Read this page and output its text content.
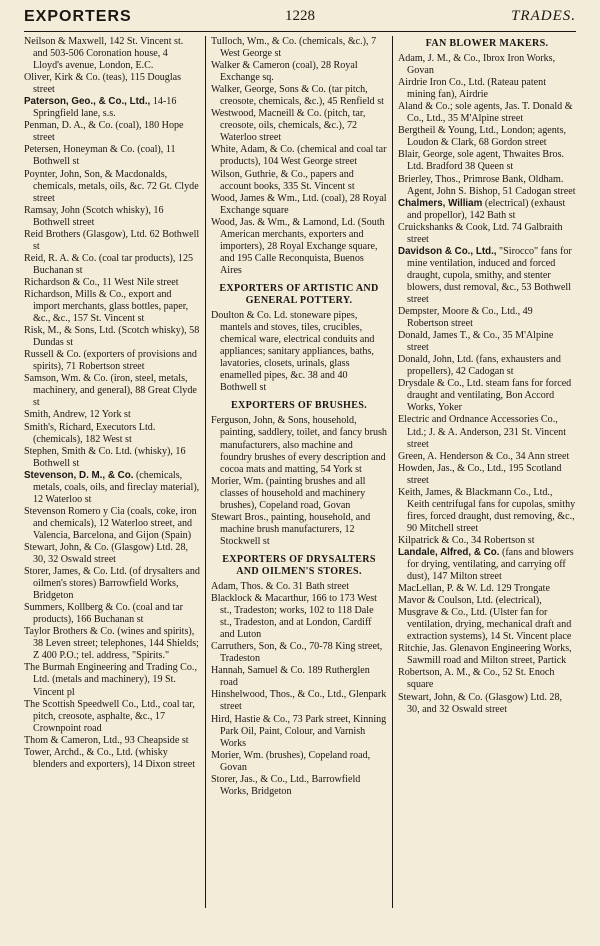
EXPORTERS	1228	TRADES.

Neilson & Maxwell, 142 St. Vincent st. and 503-506 Coronation house, 4 Lloyd's avenue, London, E.C.

Oliver, Kirk & Co. (teas), 115 Douglas street

Paterson, Geo., & Co., Ltd., 14-16 Springfield lane, s.s.

Penman, D. A., & Co. (coal), 180 Hope street

Petersen, Honeyman & Co. (coal), 11 Bothwell st

Poynter, John, Son, & Macdonalds, chemicals, metals, oils, &c. 72 Gt. Clyde street

Ramsay, John (Scotch whisky), 16 Bothwell street

Reid Brothers (Glasgow), Ltd. 62 Bothwell st

Reid, R. A. & Co. (coal tar products), 125 Buchanan st

Richardson & Co., 11 West Nile street

Richardson, Mills & Co., export and import merchants, glass bottles, paper, &c., &c., 157 St. Vincent st

Risk, M., & Sons, Ltd. (Scotch whisky), 58 Dundas st

Russell & Co. (exporters of provisions and spirits), 71 Robertson street

Samson, Wm. & Co. (iron, steel, metals, machinery, and general), 88 Great Clyde st

Smith, Andrew, 12 York st

Smith's, Richard, Executors Ltd. (chemicals), 182 West st

Stephen, Smith & Co. Ltd. (whisky), 16 Bothwell st

Stevenson, D. M., & Co. (chemicals, metals, coals, oils, and fireclay material), 12 Waterloo st

Stevenson Romero y Cia (coals, coke, iron and chemicals), 12 Waterloo street, and Valencia, Barcelona, and Gijon (Spain)

Stewart, John, & Co. (Glasgow) Ltd. 28, 30, 32 Oswald street

Storer, James, & Co. Ltd. (of drysalters and oilmen's stores) Barrowfield Works, Bridgeton

Summers, Kollberg & Co. (coal and tar products), 166 Buchanan st

Taylor Brothers & Co. (wines and spirits), 38 Leven street; telephones, 144 Shields; Z 400 P.O.; tel. address, "Spirits."

The Burmah Engineering and Trading Co., Ltd. (metals and machinery), 19 St. Vincent pl

The Scottish Speedwell Co., Ltd., coal tar, pitch, creosote, asphalte, &c., 17 Crownpoint road

Thom & Cameron, Ltd., 93 Cheapside st

Tower, Archd., & Co., Ltd. (whisky blenders and exporters), 14 Dixon street

Tulloch, Wm., & Co. (chemicals, &c.), 7 West George st

Walker & Cameron (coal), 28 Royal Exchange sq.

Walker, George, Sons & Co. (tar pitch, creosote, chemicals, &c.), 45 Renfield st

Westwood, Macneill & Co. (pitch, tar, creosote, oils, chemicals, &c.), 72 Waterloo street

White, Adam, & Co. (chemical and coal tar products), 104 West George street

Wilson, Guthrie, & Co., papers and account books, 335 St. Vincent st

Wood, James & Wm., Ltd. (coal), 28 Royal Exchange square

Wood, Jas. & Wm., & Lamond, Ld. (South American merchants, exporters and importers), 28 Royal Exchange square, and 195 Calle Reconquista, Buenos Aires

EXPORTERS OF ARTISTIC AND GENERAL POTTERY.

Doulton & Co. Ld. stoneware pipes, mantels and stoves, tiles, crucibles, chemical ware, electrical conduits and appliances; sanitary appliances, baths, lavatories, closets, urinals, glass enamelled pipes, &c. 38 and 40 Bothwell st

EXPORTERS OF BRUSHES.

Ferguson, John, & Sons, household, painting, saddlery, toilet, and fancy brush manufacturers, also machine and foundry brushes of every description and cocoa mats and matting, 54 York st

Morier, Wm. (painting brushes and all classes of household and machinery brushes), Copeland road, Govan

Stewart Bros., painting, household, and machine brush manufacturers, 12 Stockwell st

EXPORTERS OF DRYSALTERS AND OILMEN'S STORES.

Adam, Thos. & Co. 31 Bath street

Blacklock & Macarthur, 166 to 173 West st., Tradeston; works, 102 to 118 Dale st., Tradeston, and at London, Cardiff and Luton

Carruthers, Son, & Co., 70-78 King street, Tradeston

Hannah, Samuel & Co. 189 Rutherglen road

Hinshelwood, Thos., & Co., Ltd., Glenpark street

Hird, Hastie & Co., 73 Park street, Kinning Park Oil, Paint, Colour, and Varnish Works

Morier, Wm. (brushes), Copeland road, Govan

Storer, Jas., & Co., Ltd., Barrowfield Works, Bridgeton

FAN BLOWER MAKERS.

Adam, J. M., & Co., Ibrox Iron Works, Govan

Airdrie Iron Co., Ltd. (Rateau patent mining fan), Airdrie

Aland & Co.; sole agents, Jas. T. Donald & Co., Ltd., 35 M'Alpine street

Bergtheil & Young, Ltd., London; agents, Loudon & Clark, 68 Gordon street

Blair, George, sole agent, Thwaites Bros. Ltd. Bradford 38 Queen st

Brierley, Thos., Primrose Bank, Oldham. Agent, John S. Bishop, 51 Cadogan street

Chalmers, William (electrical) (exhaust and propellor), 142 Bath st

Cruickshanks & Cook, Ltd. 74 Galbraith street

Davidson & Co., Ltd., "Sirocco" fans for mine ventilation, induced and forced draught, cupola, smithy, and stenter blowers, dust removal, &c., 53 Bothwell street

Dempster, Moore & Co., Ltd., 49 Robertson street

Donald, James T., & Co., 35 M'Alpine street

Donald, John, Ltd. (fans, exhausters and propellers), 42 Cadogan st

Drysdale & Co., Ltd. steam fans for forced draught and ventilating, Bon Accord Works, Yoker

Electric and Ordnance Accessories Co., Ltd.; J. & A. Anderson, 231 St. Vincent street

Green, A. Henderson & Co., 34 Ann street

Howden, Jas., & Co., Ltd., 195 Scotland street

Keith, James, & Blackmann Co., Ltd., Keith centrifugal fans for cupolas, smithy fires, forced draught, dust removing, &c., 90 Mitchell street

Kilpatrick & Co., 34 Robertson st

Landale, Alfred, & Co. (fans and blowers for drying, ventilating, and carrying off dust), 147 Milton street

MacLellan, P. & W. Ld. 129 Trongate

Mavor & Coulson, Ltd. (electrical),

Musgrave & Co., Ltd. (Ulster fan for ventilation, drying, mechanical draft and extraction systems), 14 St. Vincent place

Ritchie, Jas. Glenavon Engineering Works, Sawmill road and Milton street, Partick

Robertson, A. M., & Co., 52 St. Enoch square

Stewart, John, & Co. (Glasgow) Ltd. 28, 30, and 32 Oswald street
